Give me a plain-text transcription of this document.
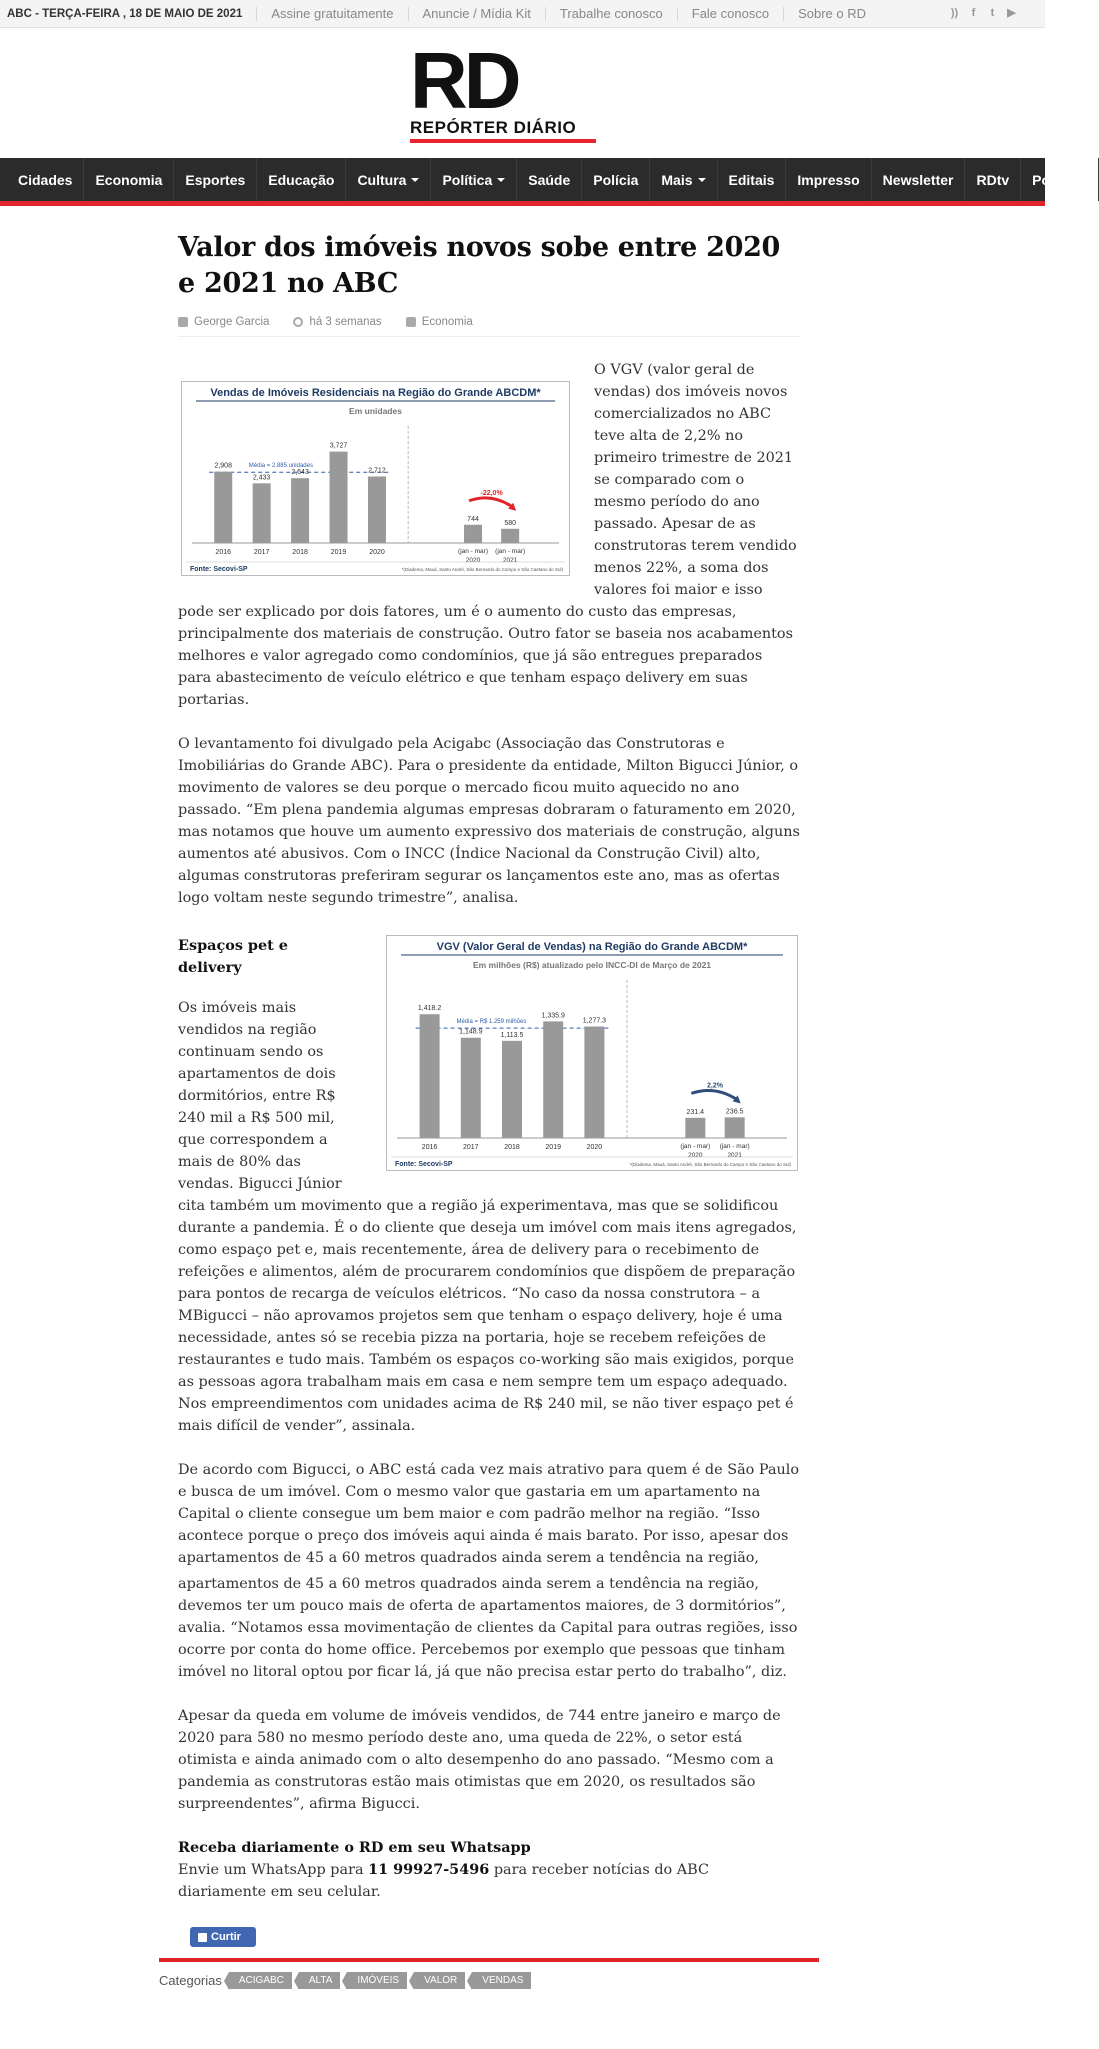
ABC - TERÇA-FEIRA , 18 DE MAIO DE 2021	Assine gratuitamente	Anuncie / Mídia Kit	Trabalhe conosco	Fale conosco	Sobre o RD	))	f	t	▶
RD
REPÓRTER DIÁRIO
Cidades Economia Esportes Educação Cultura	Política	Saúde Polícia Mais	Editais Impresso Newsletter RDtv Podcast
Valor dos imóveis novos sobe entre 2020 e 2021 no ABC
George Garcia	há 3 semanas	Economia
Vendas de Imóveis Residenciais na Região do Grande ABCDM*
Em unidades
Média = 2.885 unidades
2,908
2016
2,433
2017
2,643
2018
3,727
2019
2,712
2020
744
(jan - mar)
2020
580
(jan - mar)
2021
-22,0%
Fonte: Secovi-SP	*(Diadema, Mauá, Santo André, São Bernardo do Campo e São Caetano do Sul)

O VGV (valor geral de vendas) dos imóveis novos comercializados no ABC teve alta de 2,2% no primeiro trimestre de 2021 se comparado com o mesmo período do ano passado. Apesar de as construtoras terem vendido menos 22%, a soma dos valores foi maior e isso pode ser explicado por dois fatores, um é o aumento do custo das empresas, principalmente dos materiais de construção. Outro fator se baseia nos acabamentos melhores e valor agregado como condomínios, que já são entregues preparados para abastecimento de veículo elétrico e que tenham espaço delivery em suas portarias.

O levantamento foi divulgado pela Acigabc (Associação das Construtoras e Imobiliárias do Grande ABC). Para o presidente da entidade, Milton Bigucci Júnior, o movimento de valores se deu porque o mercado ficou muito aquecido no ano passado. “Em plena pandemia algumas empresas dobraram o faturamento em 2020, mas notamos que houve um aumento expressivo dos materiais de construção, alguns aumentos até abusivos. Com o INCC (Índice Nacional da Construção Civil) alto, algumas construtoras preferiram segurar os lançamentos este ano, mas as ofertas logo voltam neste segundo trimestre”, analisa.

VGV (Valor Geral de Vendas) na Região do Grande ABCDM*
Em milhões (R$) atualizado pelo INCC-DI de Março de 2021
Média = R$ 1.259 milhões
1,418.2
2016
1,148.9
2017
1,113.5
2018
1,335.9
2019
1,277.3
2020
231.4
(jan - mar)
2020
236.5
(jan - mar)
2021
2,2%
Fonte: Secovi-SP	*(Diadema, Mauá, Santo André, São Bernardo do Campo e São Caetano do Sul)
Espaços pet e delivery

Os imóveis mais vendidos na região continuam sendo os apartamentos de dois dormitórios, entre R$ 240 mil a R$ 500 mil, que correspondem a mais de 80% das vendas. Bigucci Júnior cita também um movimento que a região já experimentava, mas que se solidificou durante a pandemia. É o do cliente que deseja um imóvel com mais itens agregados, como espaço pet e, mais recentemente, área de delivery para o recebimento de refeições e alimentos, além de procurarem condomínios que dispõem de preparação para pontos de recarga de veículos elétricos. “No caso da nossa construtora – a MBigucci – não aprovamos projetos sem que tenham o espaço delivery, hoje é uma necessidade, antes só se recebia pizza na portaria, hoje se recebem refeições de restaurantes e tudo mais. Também os espaços co-working são mais exigidos, porque as pessoas agora trabalham mais em casa e nem sempre tem um espaço adequado. Nos empreendimentos com unidades acima de R$ 240 mil, se não tiver espaço pet é mais difícil de vender”, assinala.

De acordo com Bigucci, o ABC está cada vez mais atrativo para quem é de São Paulo e busca de um imóvel. Com o mesmo valor que gastaria em um apartamento na Capital o cliente consegue um bem maior e com padrão melhor na região. “Isso acontece porque o preço dos imóveis aqui ainda é mais barato. Por isso, apesar dos apartamentos de 45 a 60 metros quadrados ainda serem a tendência na região,

apartamentos de 45 a 60 metros quadrados ainda serem a tendência na região, devemos ter um pouco mais de oferta de apartamentos maiores, de 3 dormitórios”, avalia. “Notamos essa movimentação de clientes da Capital para outras regiões, isso ocorre por conta do home office. Percebemos por exemplo que pessoas que tinham imóvel no litoral optou por ficar lá, já que não precisa estar perto do trabalho”, diz.

Apesar da queda em volume de imóveis vendidos, de 744 entre janeiro e março de 2020 para 580 no mesmo período deste ano, uma queda de 22%, o setor está otimista e ainda animado com o alto desempenho do ano passado. “Mesmo com a pandemia as construtoras estão mais otimistas que em 2020, os resultados são surpreendentes”, afirma Bigucci.

Receba diariamente o RD em seu Whatsapp
Envie um WhatsApp para 11 99927-5496 para receber notícias do ABC diariamente em seu celular.

Curtir
Categorias	ACIGABC	ALTA	IMÓVEIS	VALOR	VENDAS
